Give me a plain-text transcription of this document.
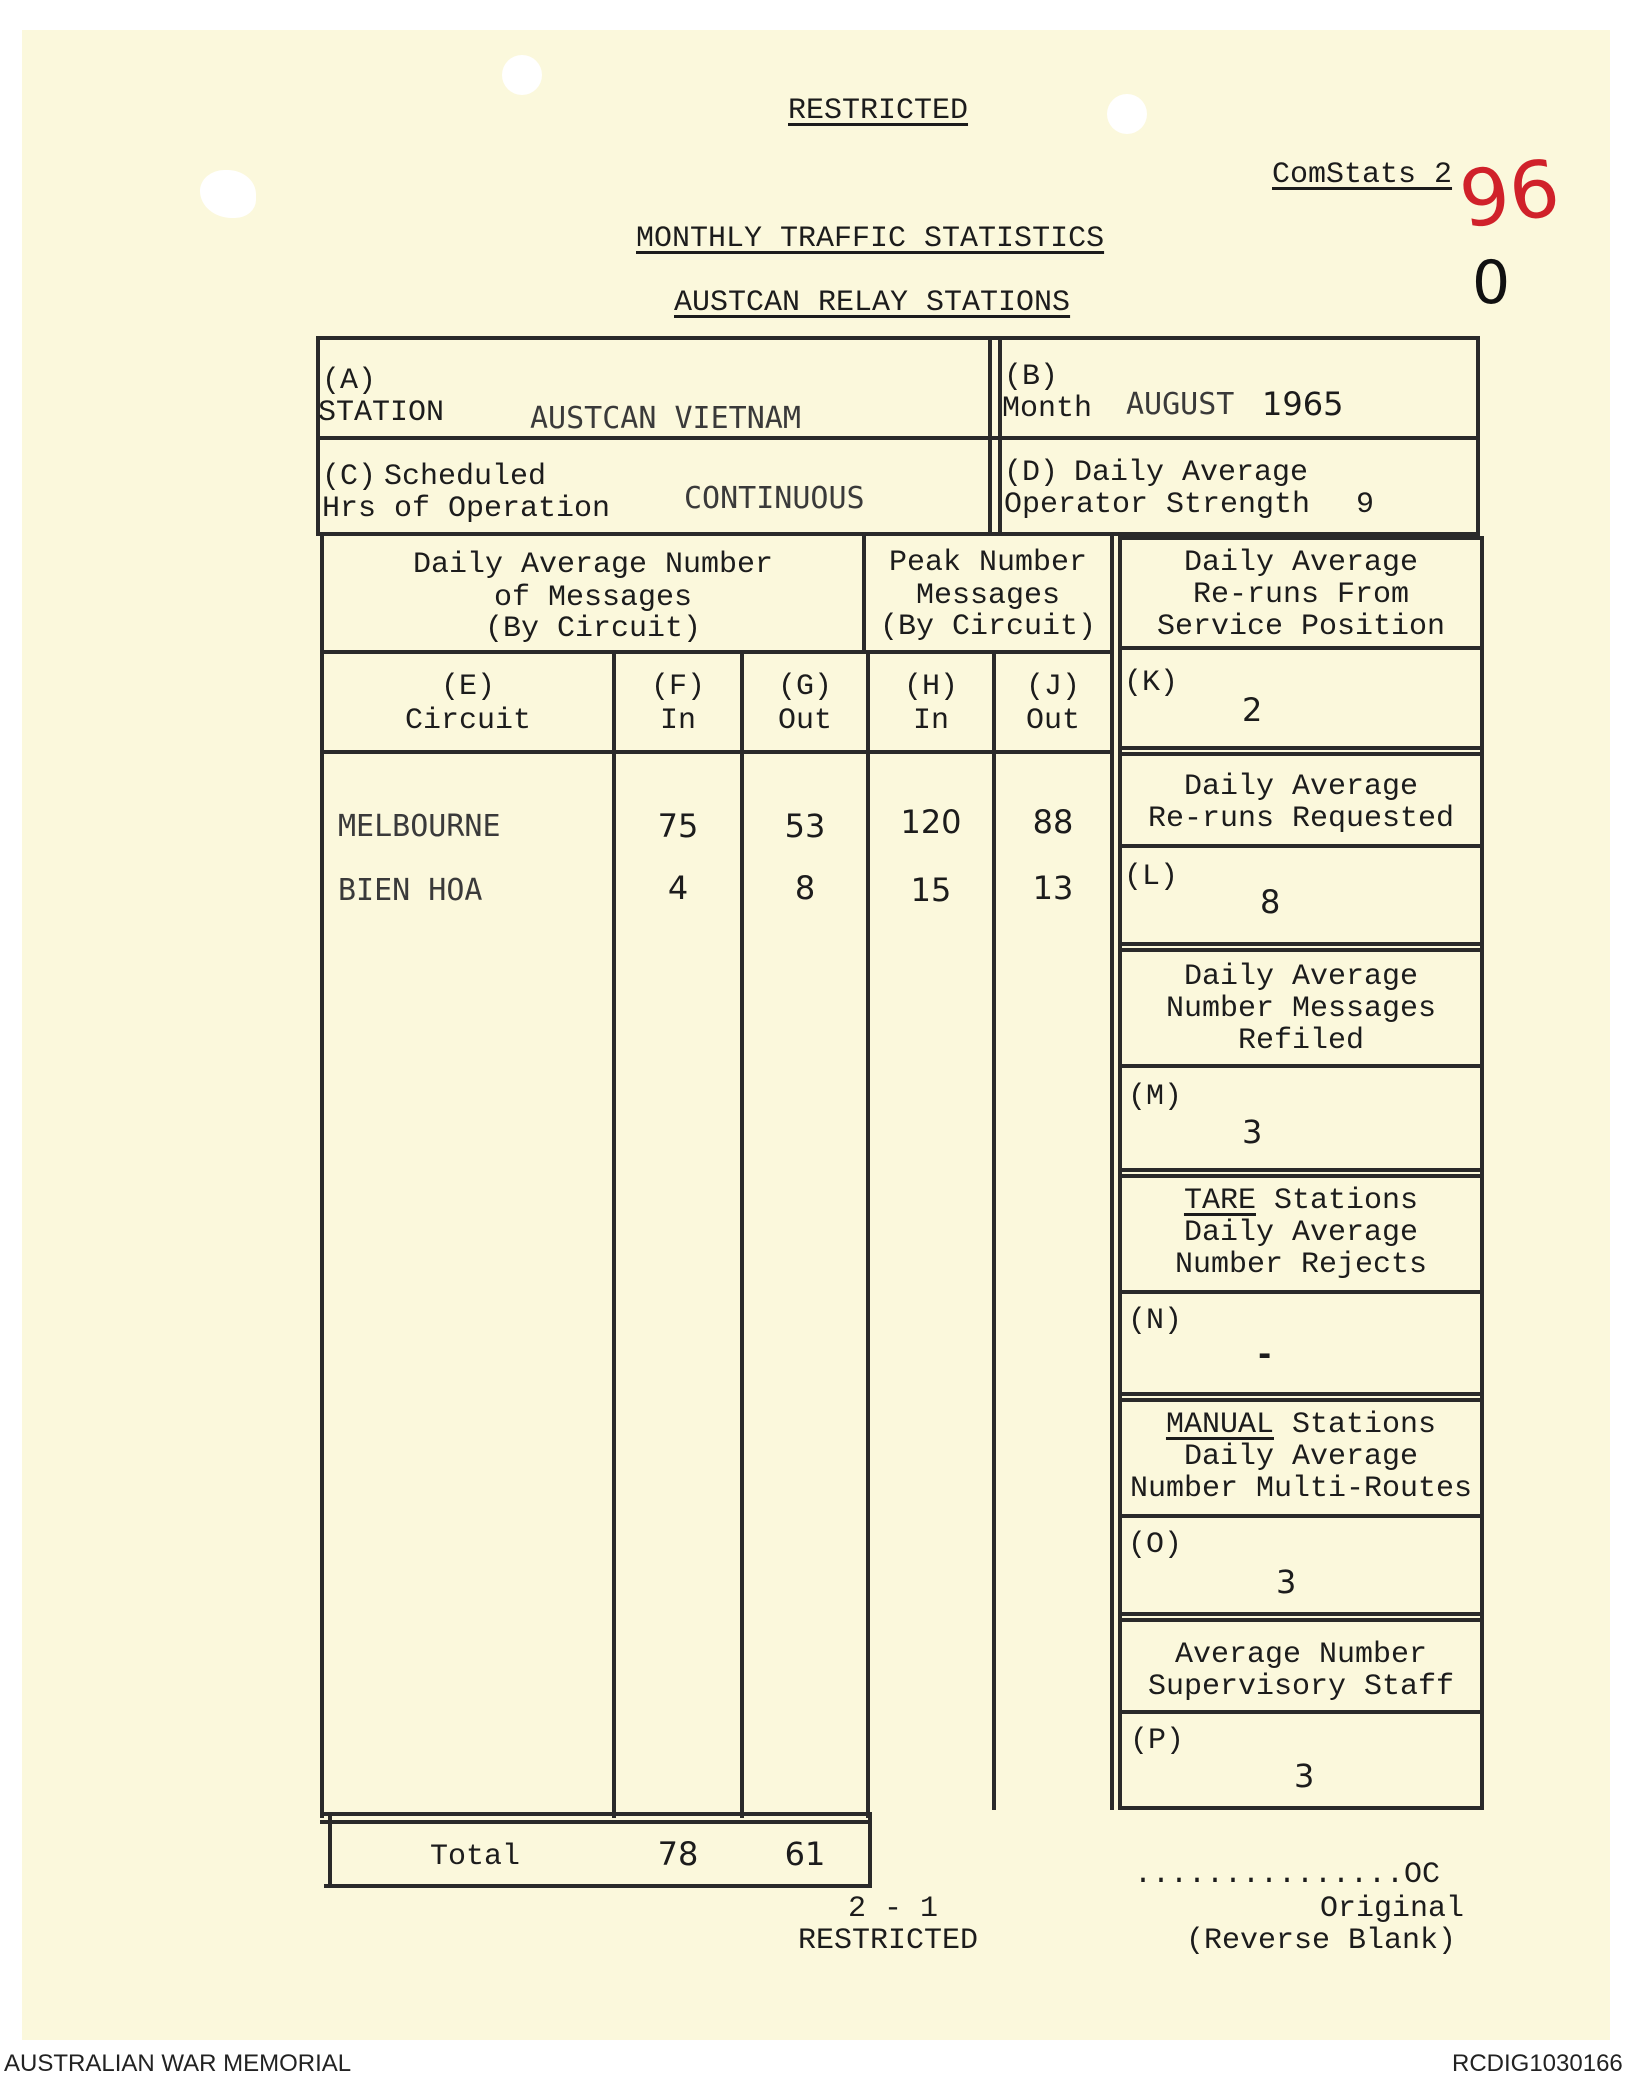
RESTRICTED
ComStats 2
MONTHLY TRAFFIC STATISTICS
AUSTCAN RELAY STATIONS
96
0
(A)
STATION	AUSTCAN VIETNAM
(B)
Month AUGUST 1965
(C) Scheduled
Hrs of Operation CONTINUOUS
(D) Daily Average
Operator Strength 9
Daily Average Number
of Messages
(By Circuit)
Peak Number
Messages
(By Circuit)
Daily Average
Re-runs From
Service Position
(E)
Circuit
(F)
In
(G)
Out
(H)
In
(J)
Out
MELBOURNE	75	53	120	88
BIEN HOA	4	8	15	13
Total	78	61
(K)
2
Daily Average
Re-runs Requested
(L)
8
Daily Average
Number Messages
Refiled
(M)
3
TARE Stations
Daily Average
Number Rejects
(N)
-
MANUAL Stations
Daily Average
Number Multi-Routes
(O)
3
Average Number
Supervisory Staff
(P)
3
2 - 1
RESTRICTED
...............OC
Original
(Reverse Blank)
AUSTRALIAN WAR MEMORIAL	RCDIG1030166
